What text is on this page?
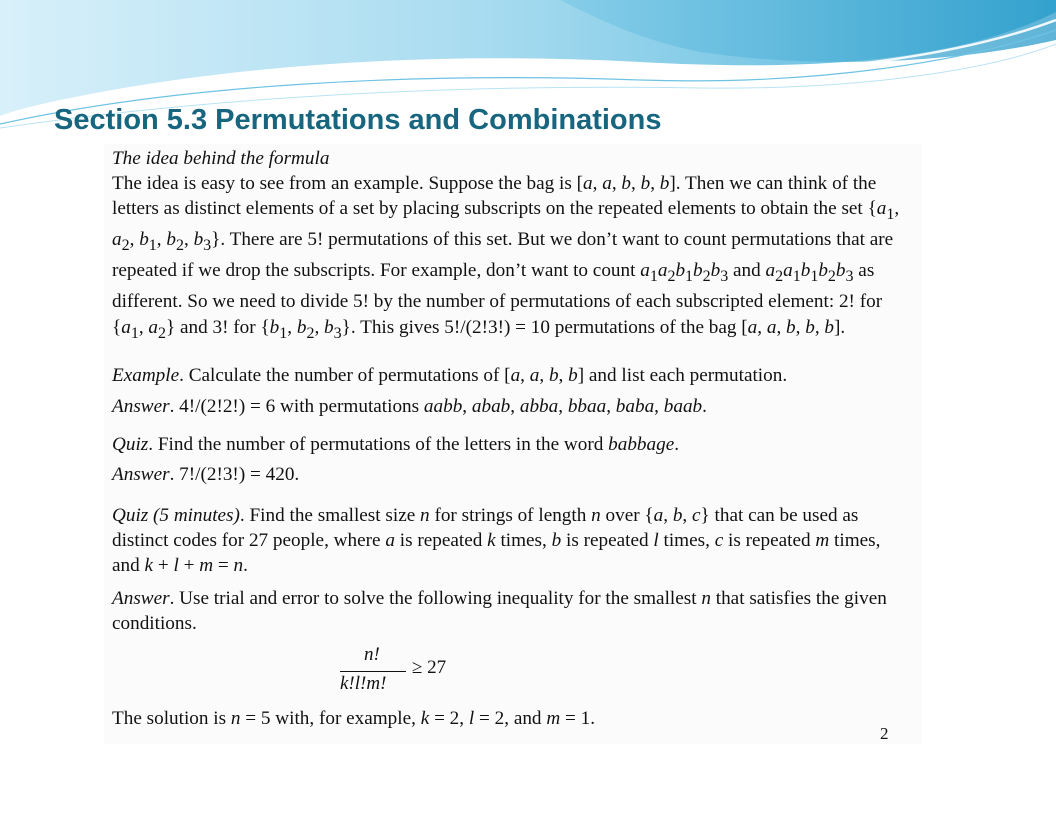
Section 5.3 Permutations and Combinations
The idea behind the formula
The idea is easy to see from an example. Suppose the bag is [a, a, b, b, b]. Then we can think of the letters as distinct elements of a set by placing subscripts on the repeated elements to obtain the set {$a_1$, $a_2$, $b_1$, $b_2$, $b_3$}. There are 5! permutations of this set. But we don’t want to count permutations that are repeated if we drop the subscripts. For example, don’t want to count $a_1a_2b_1b_2b_3$ and $a_2a_1b_1b_2b_3$ as different. So we need to divide 5! by the number of permutations of each subscripted element: 2! for {$a_1$, $a_2$} and 3! for {$b_1$, $b_2$, $b_3$}. This gives 5!/(2!3!) = 10 permutations of the bag [a, a, b, b, b].
Example. Calculate the number of permutations of [a, a, b, b] and list each permutation.
Answer. 4!/(2!2!) = 6 with permutations aabb, abab, abba, bbaa, baba, baab.
Quiz. Find the number of permutations of the letters in the word babbage.
Answer. 7!/(2!3!) = 420.
Quiz (5 minutes). Find the smallest size n for strings of length n over {a, b, c} that can be used as distinct codes for 27 people, where a is repeated k times, b is repeated l times, c is repeated m times, and k + l + m = n.
Answer. Use trial and error to solve the following inequality for the smallest n that satisfies the given conditions.
n!
k!l!m!
≥ 27
The solution is n = 5 with, for example, k = 2, l = 2, and m = 1.
2
